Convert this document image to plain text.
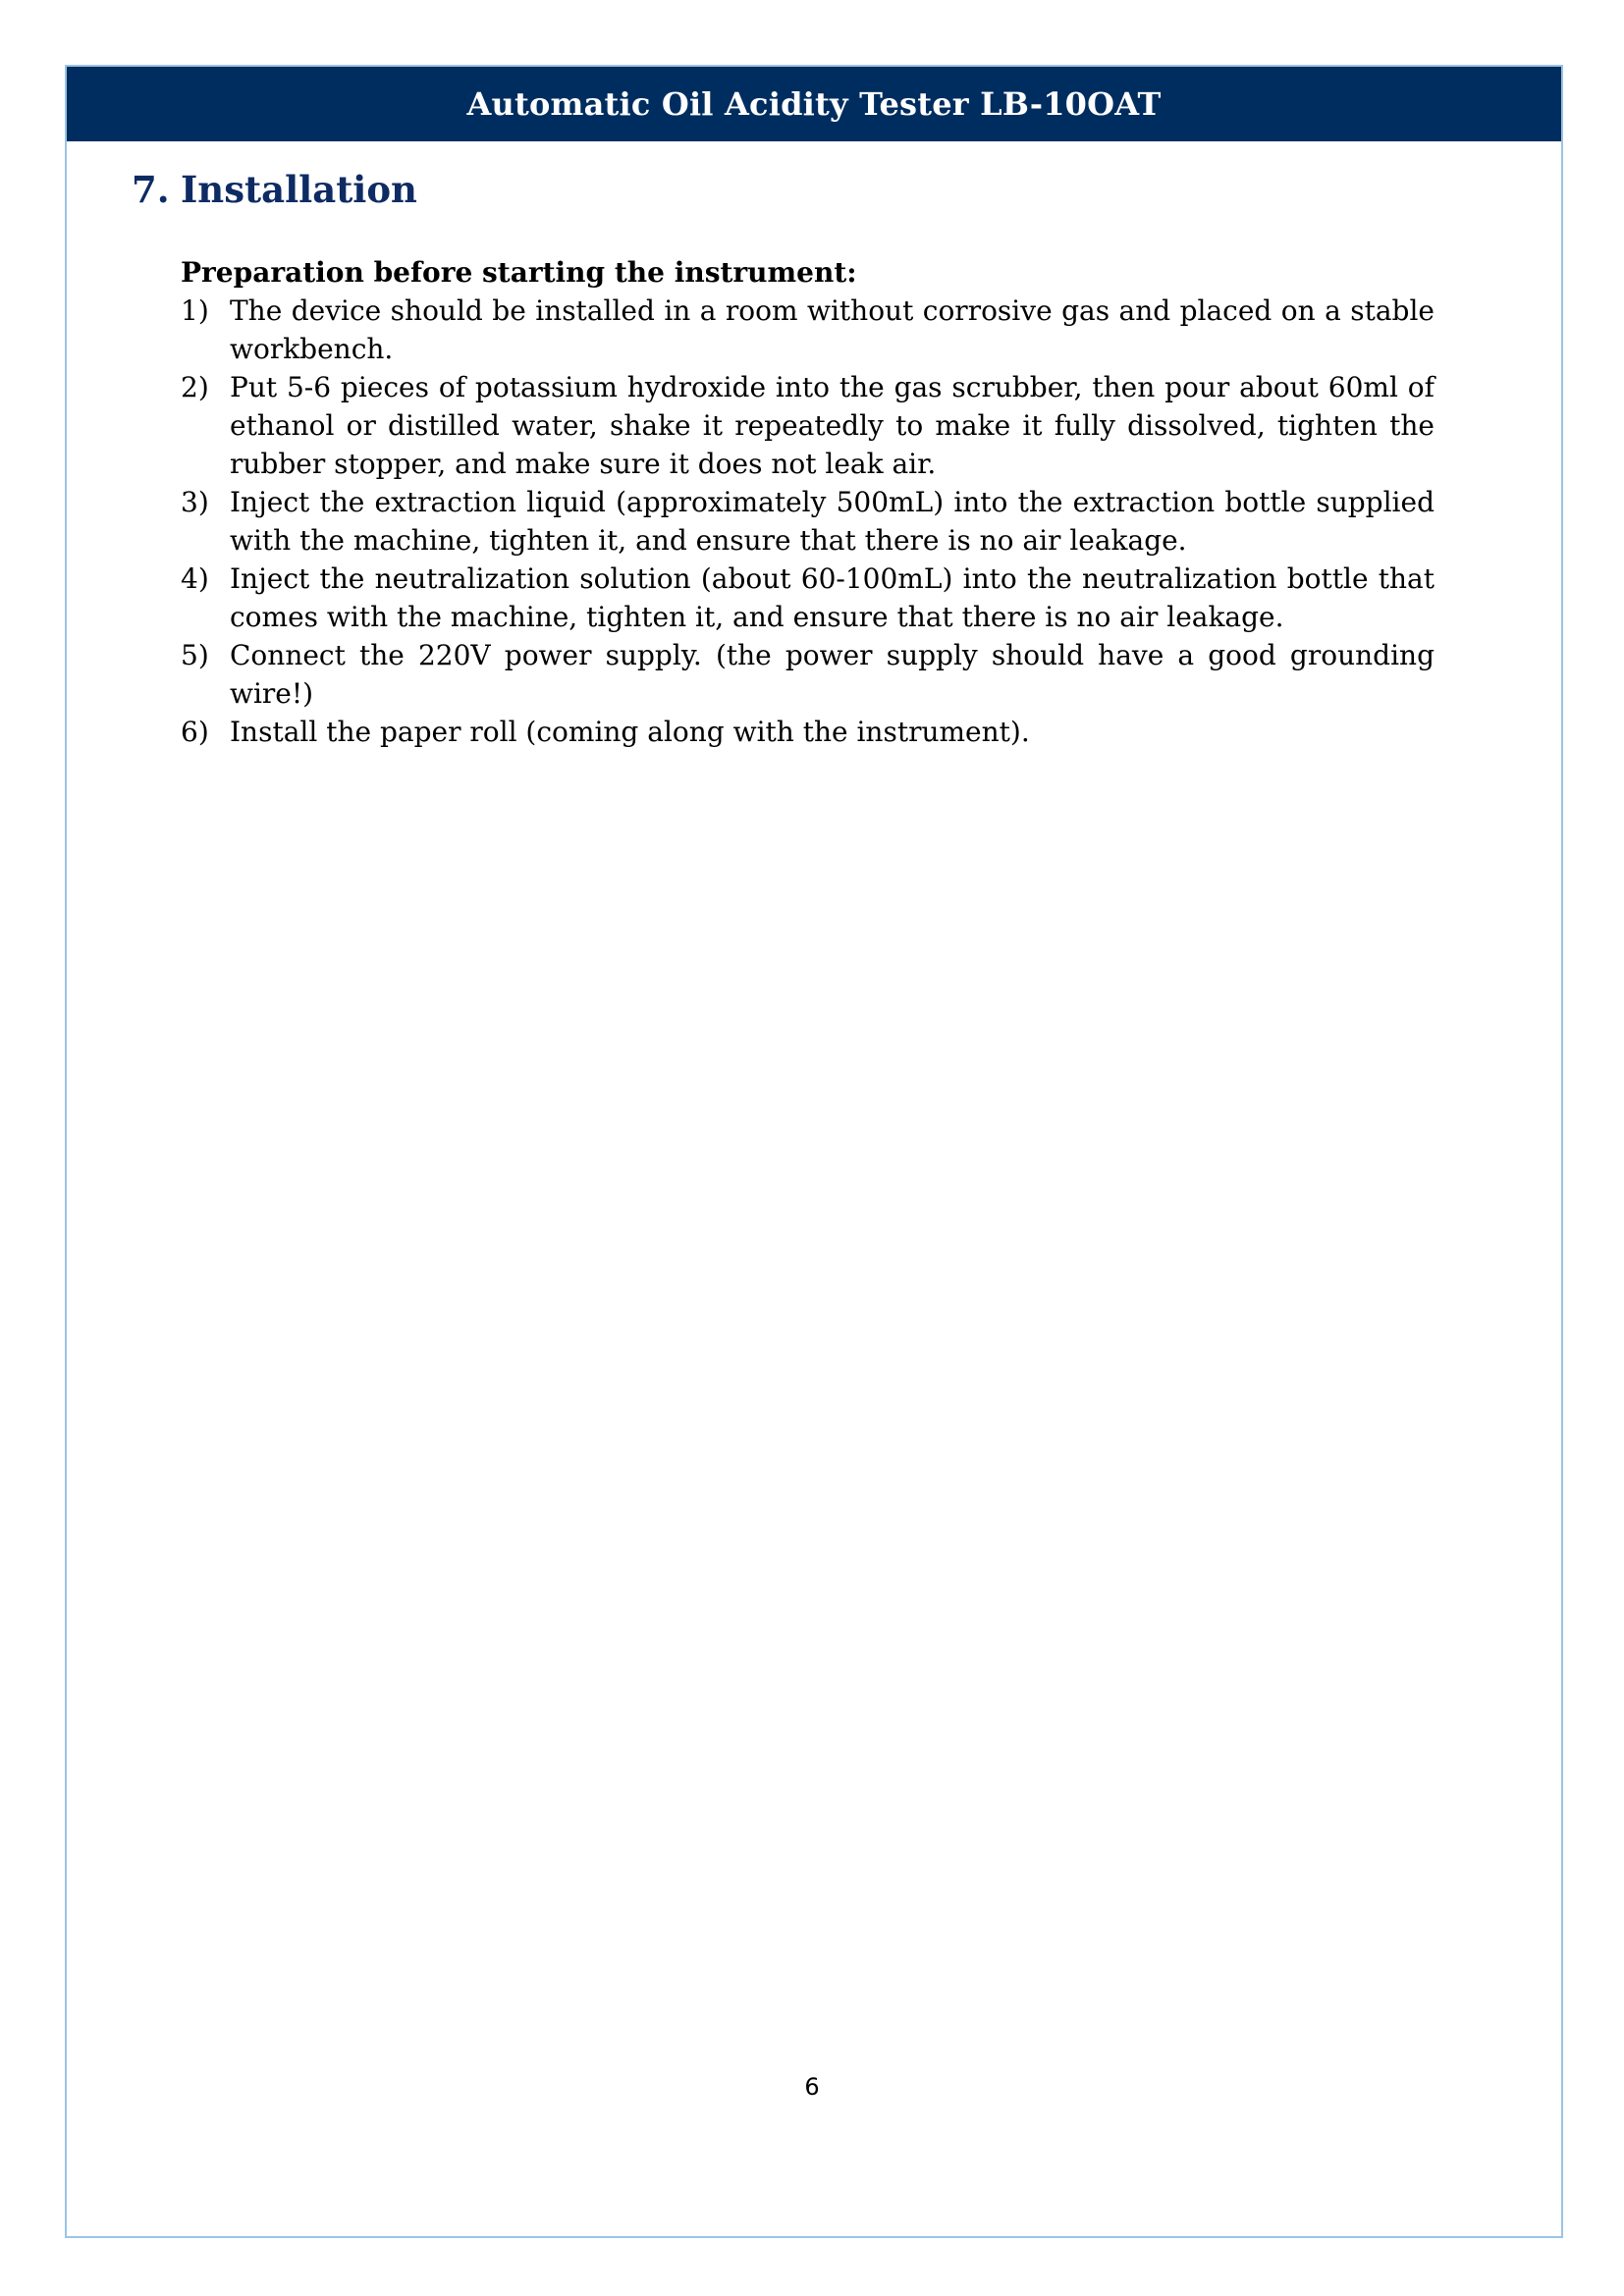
Automatic Oil Acidity Tester LB-10OAT
7. Installation

Preparation before starting the instrument:

1) The device should be installed in a room without corrosive gas and placed on a stable workbench.
2) Put 5-6 pieces of potassium hydroxide into the gas scrubber, then pour about 60ml of ethanol or distilled water, shake it repeatedly to make it fully dissolved, tighten the rubber stopper, and make sure it does not leak air.
3) Inject the extraction liquid (approximately 500mL) into the extraction bottle supplied with the machine, tighten it, and ensure that there is no air leakage.
4) Inject the neutralization solution (about 60-100mL) into the neutralization bottle that comes with the machine, tighten it, and ensure that there is no air leakage.
5) Connect the 220V power supply. (the power supply should have a good grounding wire!)
6) Install the paper roll (coming along with the instrument).
6
